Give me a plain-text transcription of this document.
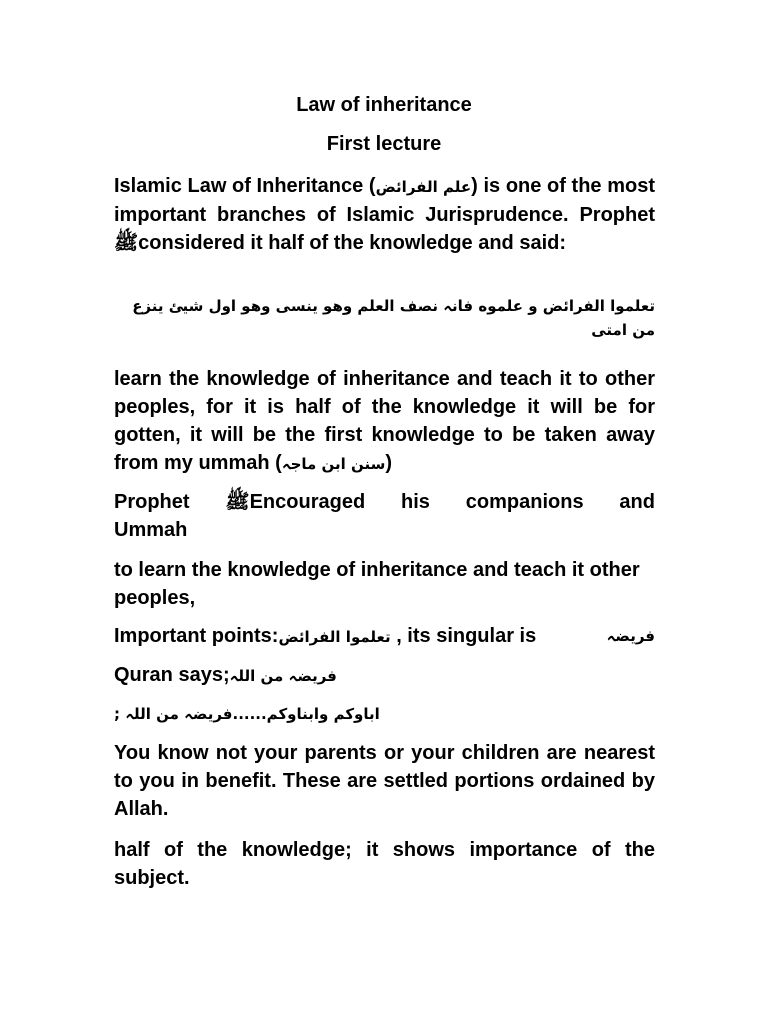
Law of inheritance
First lecture
Islamic Law of Inheritance (علم الفرائض) is one of the most important branches of Islamic Jurisprudence. Prophet ﷺconsidered it half of the knowledge and said:
تعلموا الفرائض و علموه فانہ نصف العلم وھو ینسی وھو اول شیئ ینزع من امتی
learn the knowledge of inheritance and teach it to other peoples, for it is half of the knowledge it will be for gotten, it will be the first knowledge to be taken away from my ummah (سنن ابن ماجہ)
Prophet ﷺEncouraged his companions and
Ummah
to learn the knowledge of inheritance and teach it other peoples,
Important points:تعلموا الفرائض , its singular is	فریضہ
Quran says;فریضہ من اللہ
اباوکم وابناوکم......فریضہ من اللہ ;
You know not your parents or your children are nearest to you in benefit. These are settled portions ordained by Allah.
half of the knowledge; it shows importance of the subject.
